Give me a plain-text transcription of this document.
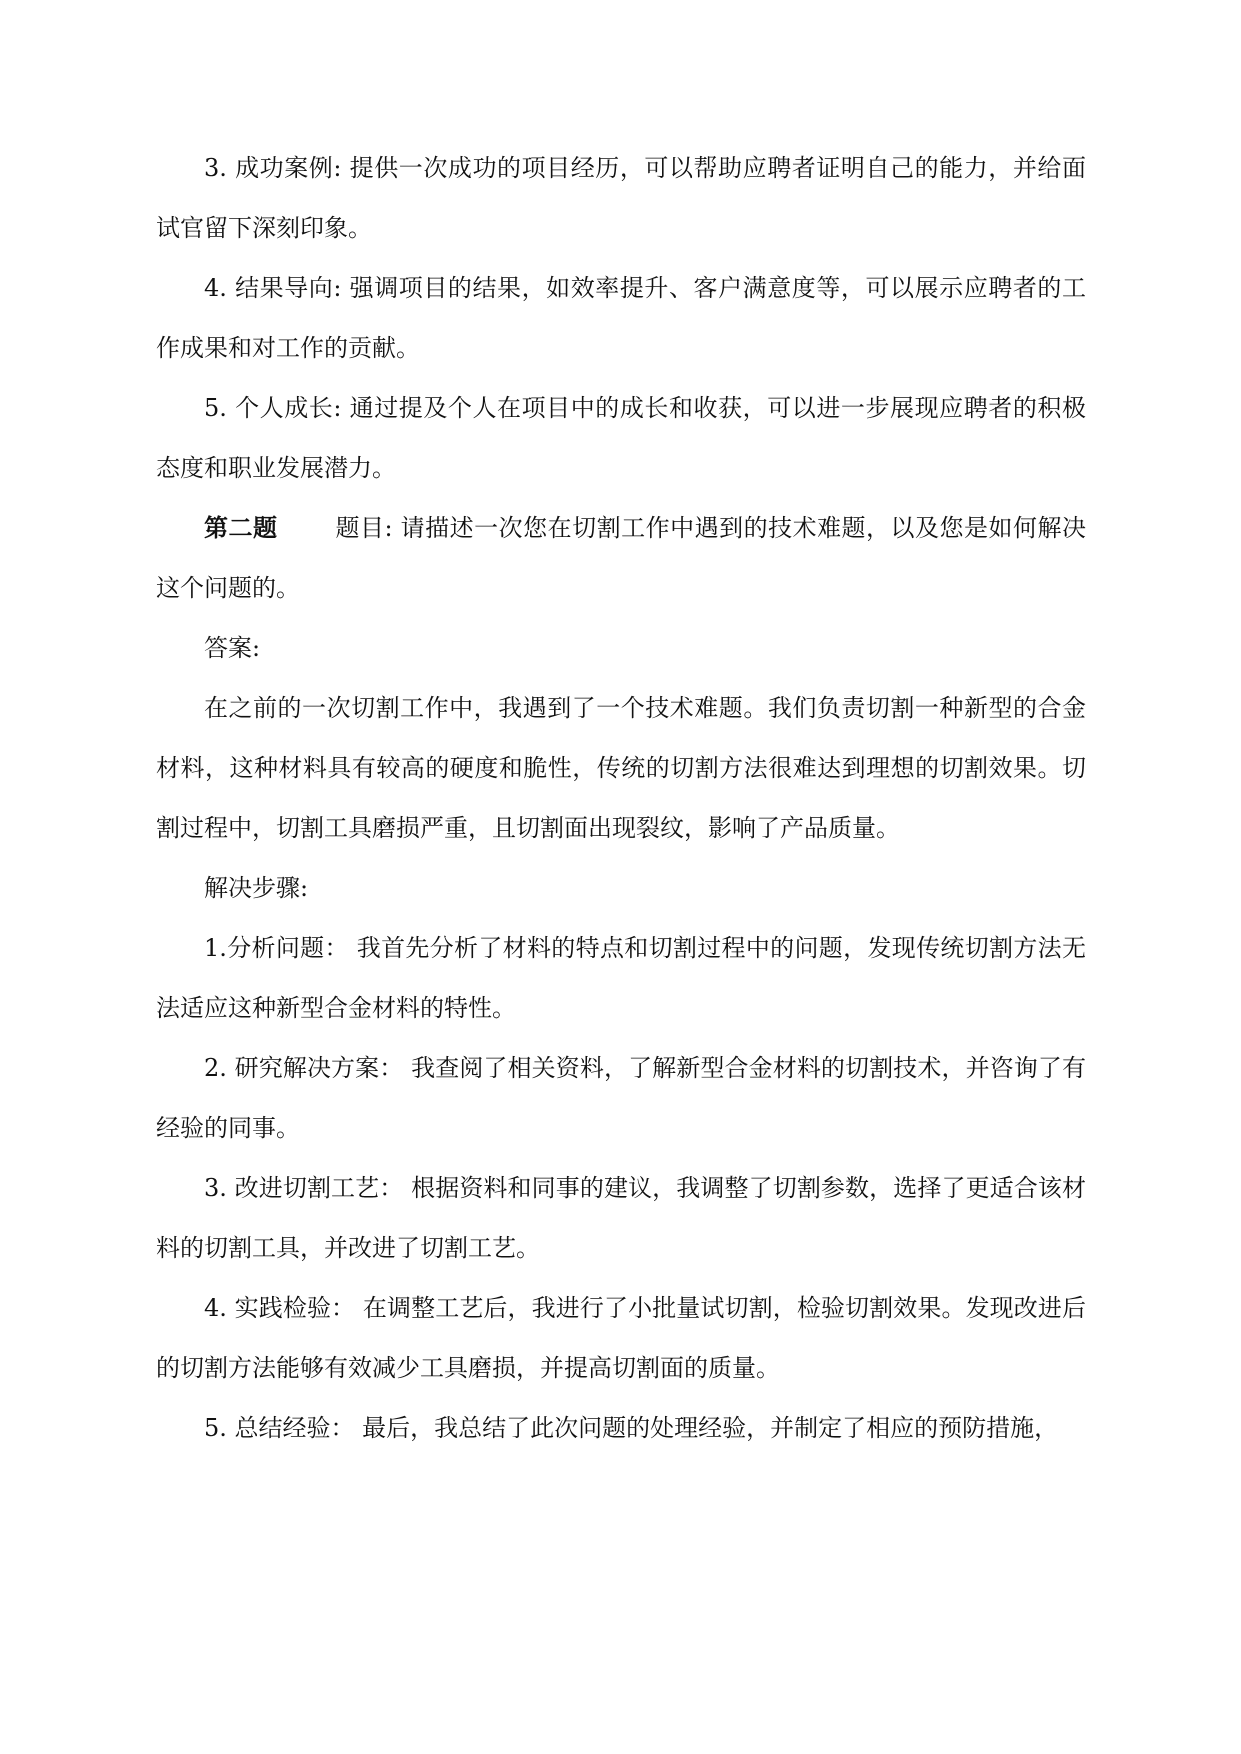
3. 成功案例: 提供一次成功的项目经历，可以帮助应聘者证明自己的能力，并给面试官留下深刻印象。

4. 结果导向: 强调项目的结果，如效率提升、客户满意度等，可以展示应聘者的工作成果和对工作的贡献。

5. 个人成长: 通过提及个人在项目中的成长和收获，可以进一步展现应聘者的积极态度和职业发展潜力。

第二题 题目: 请描述一次您在切割工作中遇到的技术难题，以及您是如何解决这个问题的。

答案:

在之前的一次切割工作中，我遇到了一个技术难题。我们负责切割一种新型的合金材料，这种材料具有较高的硬度和脆性，传统的切割方法很难达到理想的切割效果。切割过程中，切割工具磨损严重，且切割面出现裂纹，影响了产品质量。

解决步骤:

1.分析问题： 我首先分析了材料的特点和切割过程中的问题，发现传统切割方法无法适应这种新型合金材料的特性。

2. 研究解决方案： 我查阅了相关资料，了解新型合金材料的切割技术，并咨询了有经验的同事。

3. 改进切割工艺： 根据资料和同事的建议，我调整了切割参数，选择了更适合该材料的切割工具，并改进了切割工艺。

4. 实践检验： 在调整工艺后，我进行了小批量试切割，检验切割效果。发现改进后的切割方法能够有效减少工具磨损，并提高切割面的质量。

5. 总结经验： 最后，我总结了此次问题的处理经验，并制定了相应的预防措施，
